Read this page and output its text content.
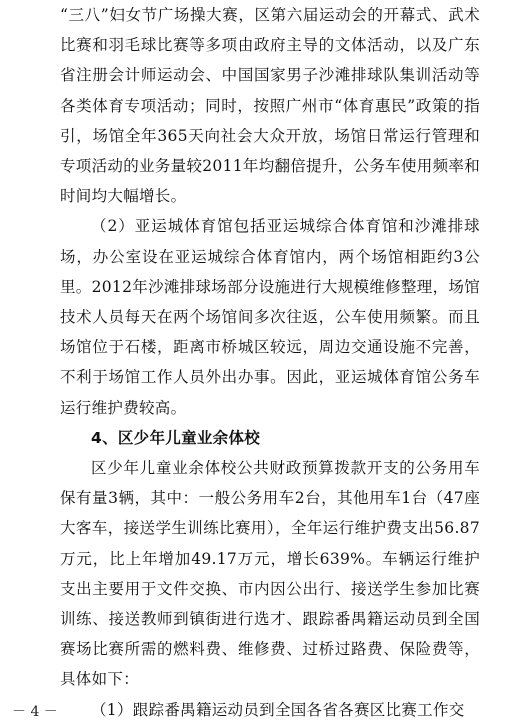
“三八”妇女节广场操大赛，区第六届运动会的开幕式、武术比赛和羽毛球比赛等多项由政府主导的文体活动，以及广东省注册会计师运动会、中国国家男子沙滩排球队集训活动等各类体育专项活动；同时，按照广州市“体育惠民”政策的指引，场馆全年365天向社会大众开放，场馆日常运行管理和专项活动的业务量较2011年均翻倍提升，公务车使用频率和时间均大幅增长。

（2）亚运城体育馆包括亚运城综合体育馆和沙滩排球场，办公室设在亚运城综合体育馆内，两个场馆相距约3公里。2012年沙滩排球场部分设施进行大规模维修整理，场馆技术人员每天在两个场馆间多次往返，公车使用频繁。而且场馆位于石楼，距离市桥城区较远，周边交通设施不完善，不利于场馆工作人员外出办事。因此，亚运城体育馆公务车运行维护费较高。

4、区少年儿童业余体校

区少年儿童业余体校公共财政预算拨款开支的公务用车保有量3辆，其中：一般公务用车2台，其他用车1台（47座大客车，接送学生训练比赛用），全年运行维护费支出56.87万元，比上年增加49.17万元，增长639%。车辆运行维护支出主要用于文件交换、市内因公出行、接送学生参加比赛训练、接送教师到镇街进行选才、跟踪番禺籍运动员到全国赛场比赛所需的燃料费、维修费、过桥过路费、保险费等，具体如下：

（1）跟踪番禺籍运动员到全国各省各赛区比赛工作交

－ 4 －
